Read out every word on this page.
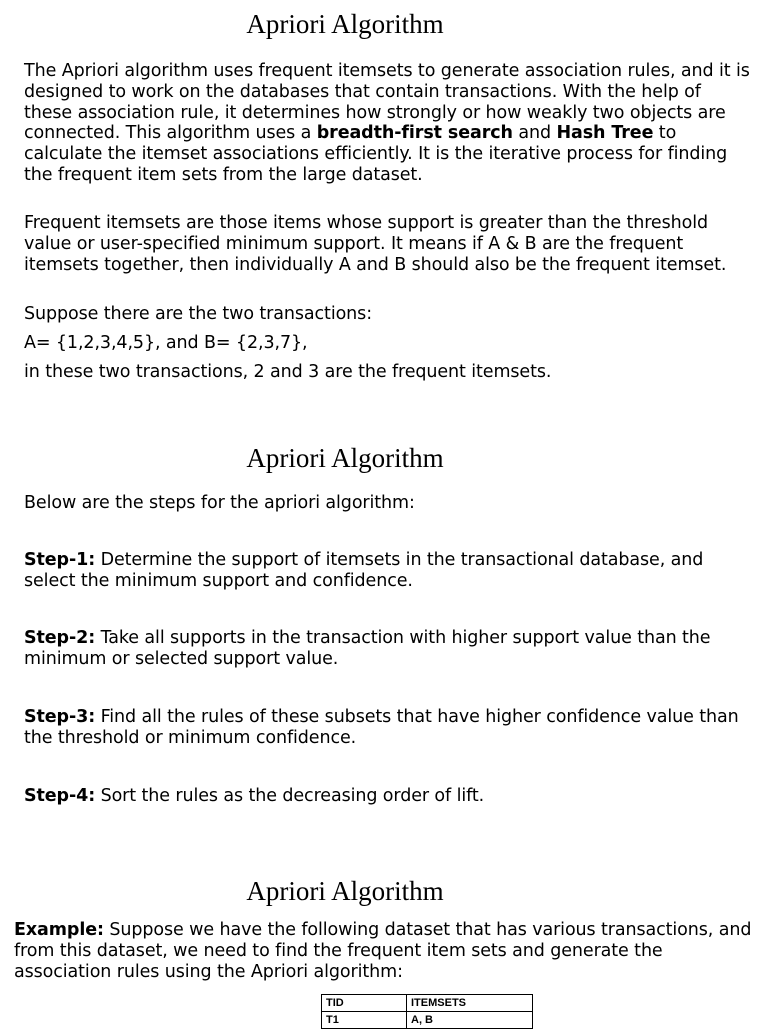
Apriori Algorithm

The Apriori algorithm uses frequent itemsets to generate association rules, and it is designed to work on the databases that contain transactions. With the help of these association rule, it determines how strongly or how weakly two objects are connected. This algorithm uses a breadth-first search and Hash Tree to calculate the itemset associations efficiently. It is the iterative process for finding the frequent item sets from the large dataset.

Frequent itemsets are those items whose support is greater than the threshold value or user-specified minimum support. It means if A & B are the frequent itemsets together, then individually A and B should also be the frequent itemset.

Suppose there are the two transactions:

A= {1,2,3,4,5}, and B= {2,3,7},

in these two transactions, 2 and 3 are the frequent itemsets.

Apriori Algorithm

Below are the steps for the apriori algorithm:

Step-1: Determine the support of itemsets in the transactional database, and select the minimum support and confidence.

Step-2: Take all supports in the transaction with higher support value than the minimum or selected support value.

Step-3: Find all the rules of these subsets that have higher confidence value than the threshold or minimum confidence.

Step-4: Sort the rules as the decreasing order of lift.

Apriori Algorithm

Example: Suppose we have the following dataset that has various transactions, and from this dataset, we need to find the frequent item sets and generate the association rules using the Apriori algorithm:

TID	ITEMSETS
T1	A, B
